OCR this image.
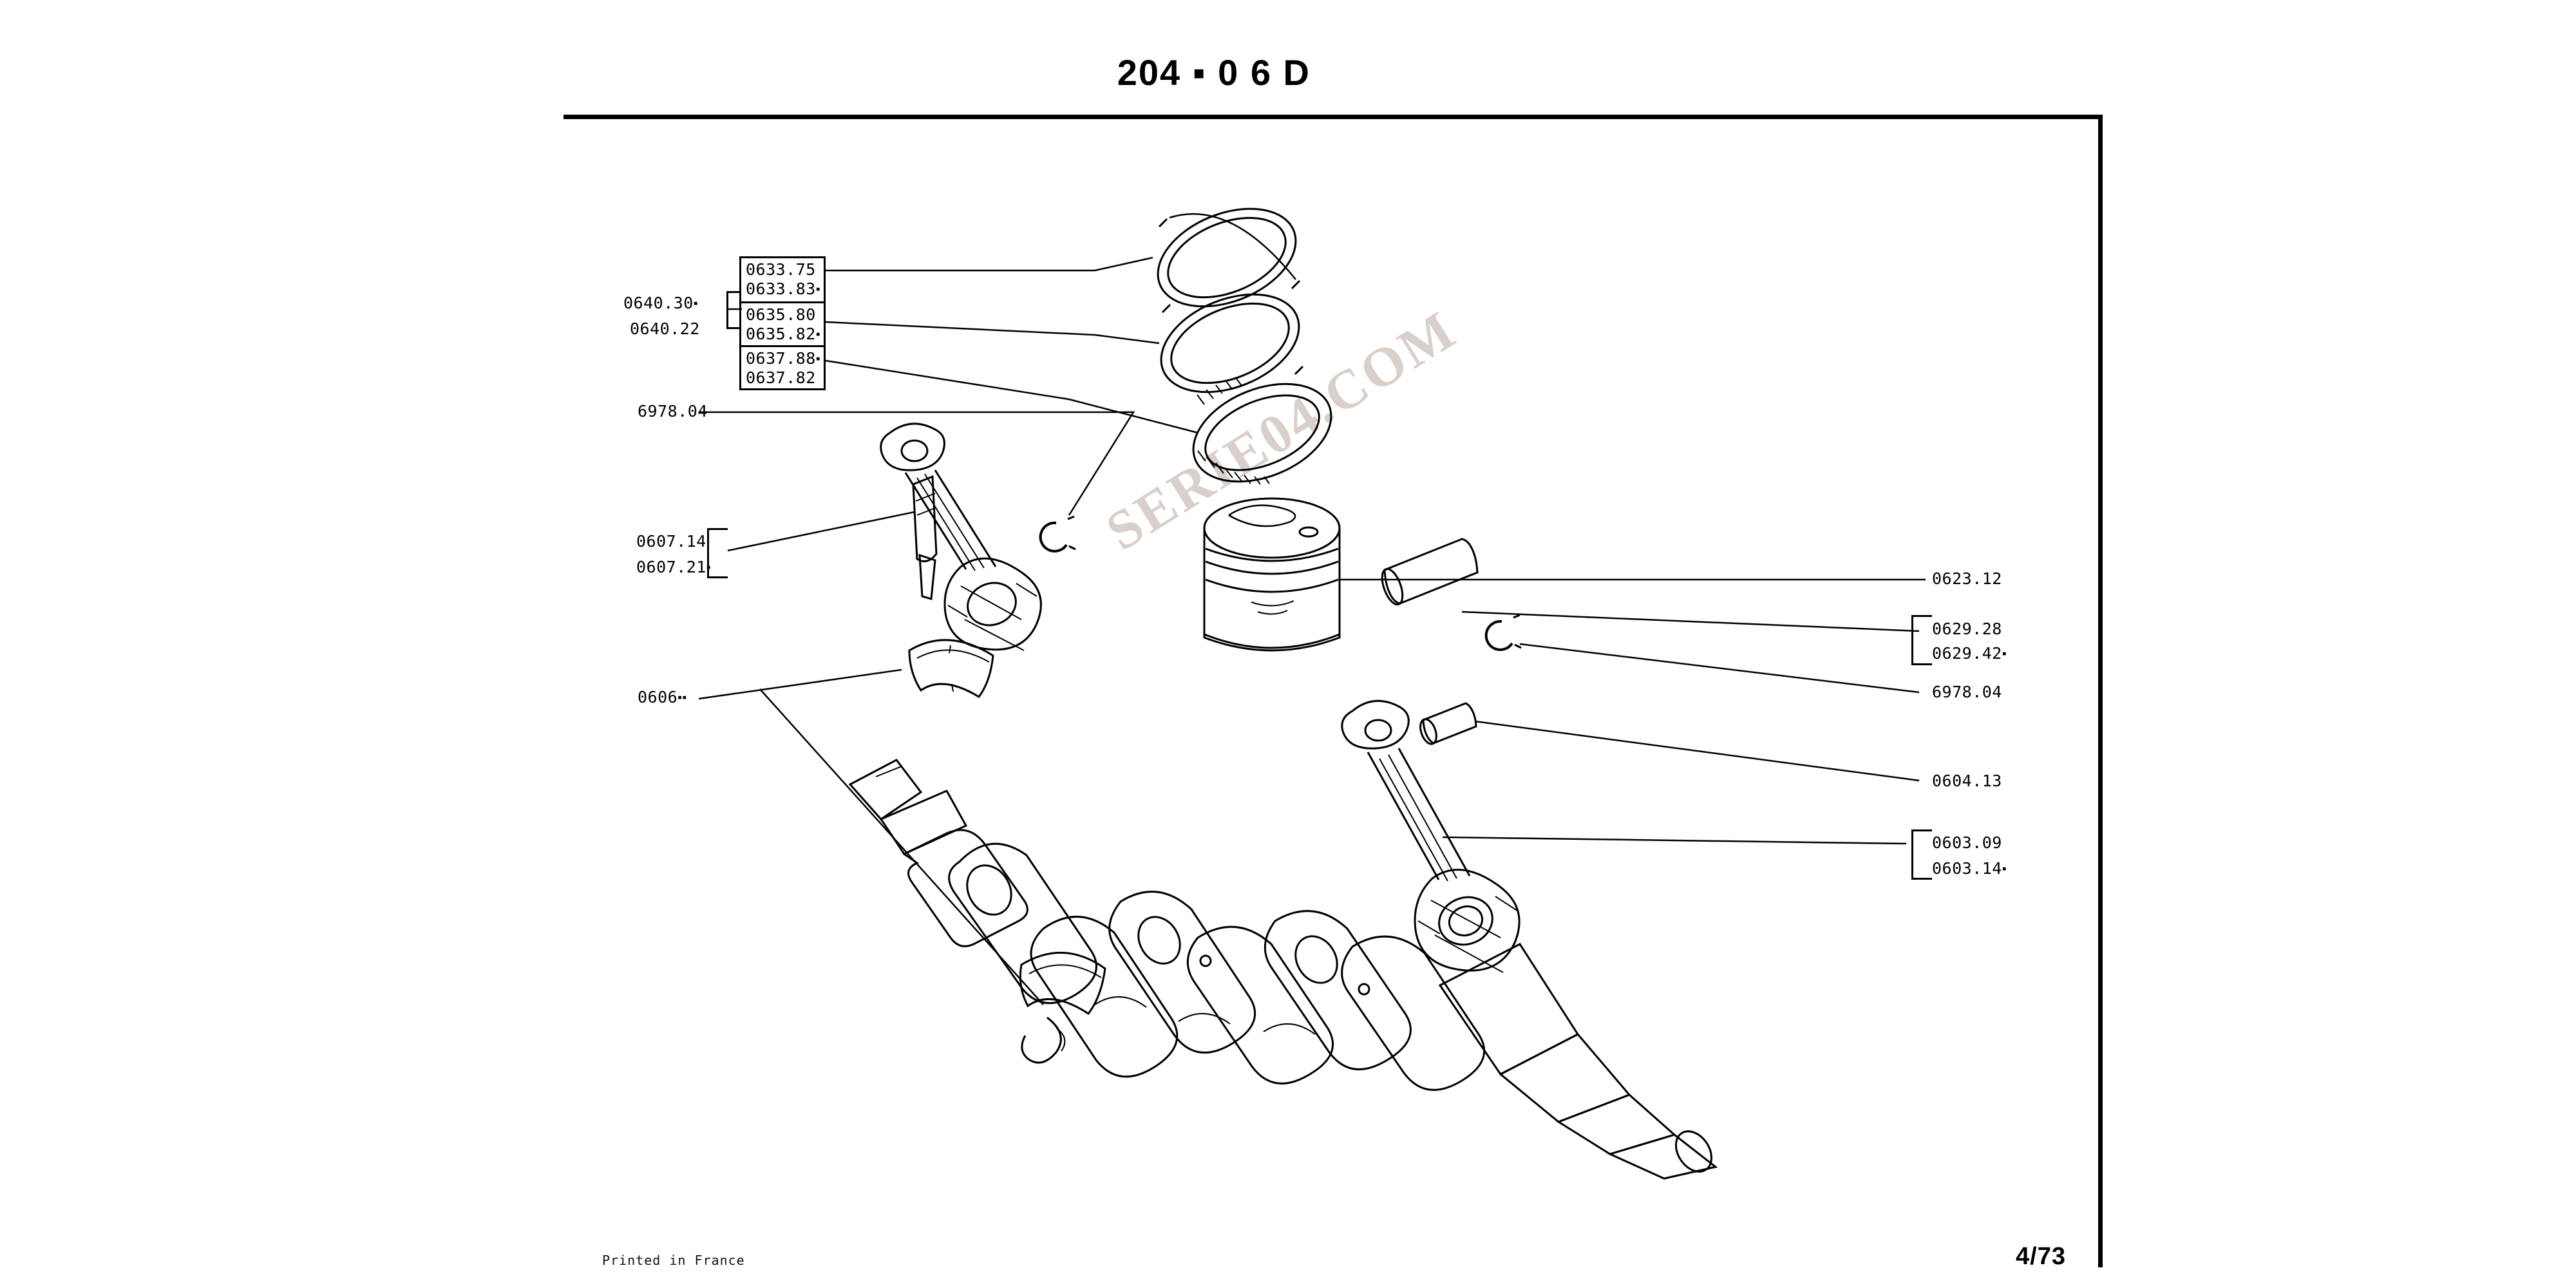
204 ▪ 0 6 D
Printed in France	4/73
SERIE04.COM
0633.75
0633.83▪
0635.80
0635.82▪
0637.88▪
0637.82
0640.30▪
0640.22
6978.04
0607.14
0607.21▪
0606▪▪
0623.12
0629.28
0629.42▪
6978.04
0604.13
0603.09
0603.14▪
